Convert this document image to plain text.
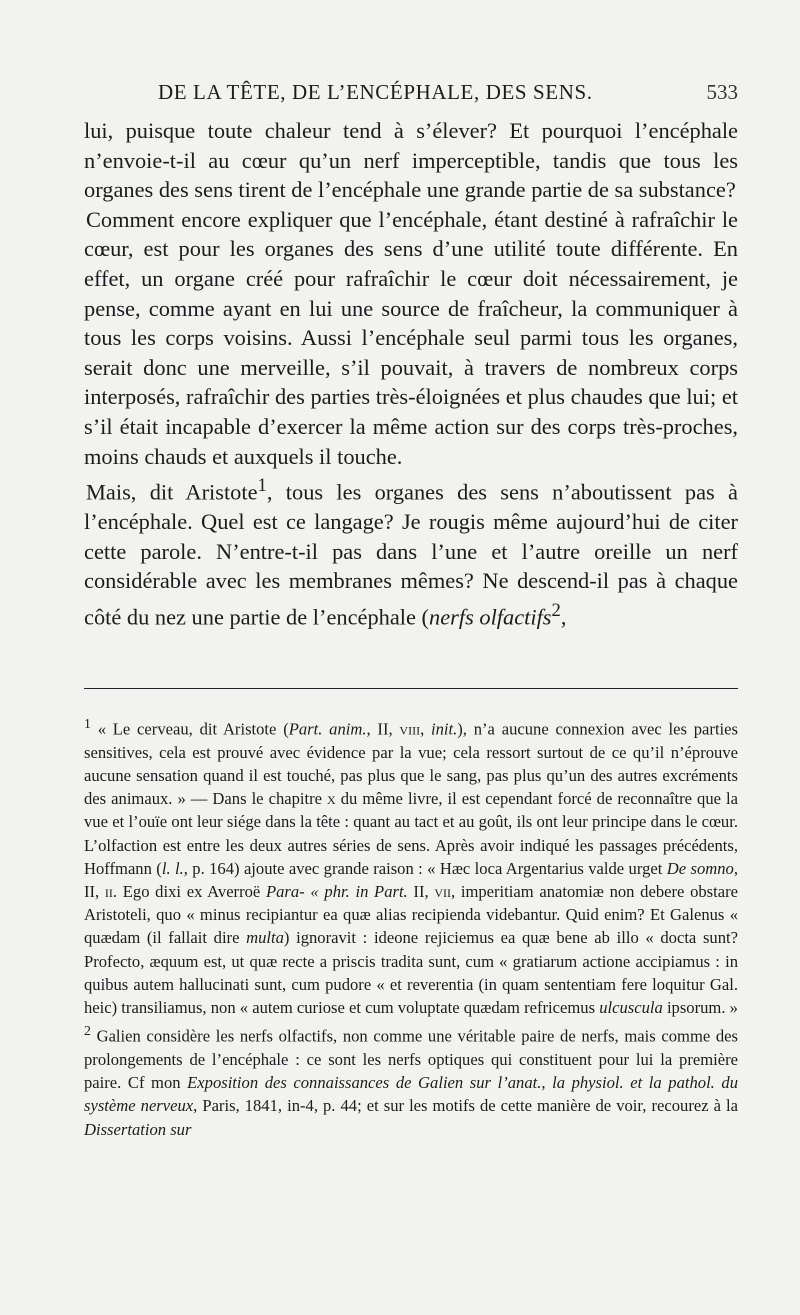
DE LA TÊTE, DE L’ENCÉPHALE, DES SENS.	533

lui, puisque toute chaleur tend à s’élever? Et pourquoi l’encéphale n’envoie-t-il au cœur qu’un nerf imperceptible, tandis que tous les organes des sens tirent de l’encéphale une grande partie de sa substance?

Comment encore expliquer que l’encéphale, étant destiné à rafraîchir le cœur, est pour les organes des sens d’une utilité toute différente. En effet, un organe créé pour rafraîchir le cœur doit nécessairement, je pense, comme ayant en lui une source de fraîcheur, la communiquer à tous les corps voisins. Aussi l’encéphale seul parmi tous les organes, serait donc une merveille, s’il pouvait, à travers de nombreux corps interposés, rafraîchir des parties très-éloignées et plus chaudes que lui; et s’il était incapable d’exercer la même action sur des corps très-proches, moins chauds et auxquels il touche.

Mais, dit Aristote$^1$, tous les organes des sens n’aboutissent pas à l’encéphale. Quel est ce langage? Je rougis même aujourd’hui de citer cette parole. N’entre-t-il pas dans l’une et l’autre oreille un nerf considérable avec les membranes mêmes? Ne descend-il pas à chaque côté du nez une partie de l’encéphale (nerfs olfactifs$^2$,

$^1$ « Le cerveau, dit Aristote (Part. anim., II, viii, init.), n’a aucune connexion avec les parties sensitives, cela est prouvé avec évidence par la vue; cela ressort surtout de ce qu’il n’éprouve aucune sensation quand il est touché, pas plus que le sang, pas plus qu’un des autres excréments des animaux. » — Dans le chapitre x du même livre, il est cependant forcé de reconnaître que la vue et l’ouïe ont leur siége dans la tête : quant au tact et au goût, ils ont leur principe dans le cœur. L’olfaction est entre les deux autres séries de sens. Après avoir indiqué les passages précédents, Hoffmann (l. l., p. 164) ajoute avec grande raison : « Hæc loca Argentarius valde urget De somno, II, ii. Ego dixi ex Averroë Para- « phr. in Part. II, vii, imperitiam anatomiæ non debere obstare Aristoteli, quo « minus recipiantur ea quæ alias recipienda videbantur. Quid enim? Et Galenus « quædam (il fallait dire multa) ignoravit : ideone rejiciemus ea quæ bene ab illo « docta sunt? Profecto, æquum est, ut quæ recte a priscis tradita sunt, cum « gratiarum actione accipiamus : in quibus autem hallucinati sunt, cum pudore « et reverentia (in quam sententiam fere loquitur Gal. heic) transiliamus, non « autem curiose et cum voluptate quædam refricemus ulcuscula ipsorum. »

$^2$ Galien considère les nerfs olfactifs, non comme une véritable paire de nerfs, mais comme des prolongements de l’encéphale : ce sont les nerfs optiques qui constituent pour lui la première paire. Cf mon Exposition des connaissances de Galien sur l’anat., la physiol. et la pathol. du système nerveux, Paris, 1841, in-4, p. 44; et sur les motifs de cette manière de voir, recourez à la Dissertation sur
